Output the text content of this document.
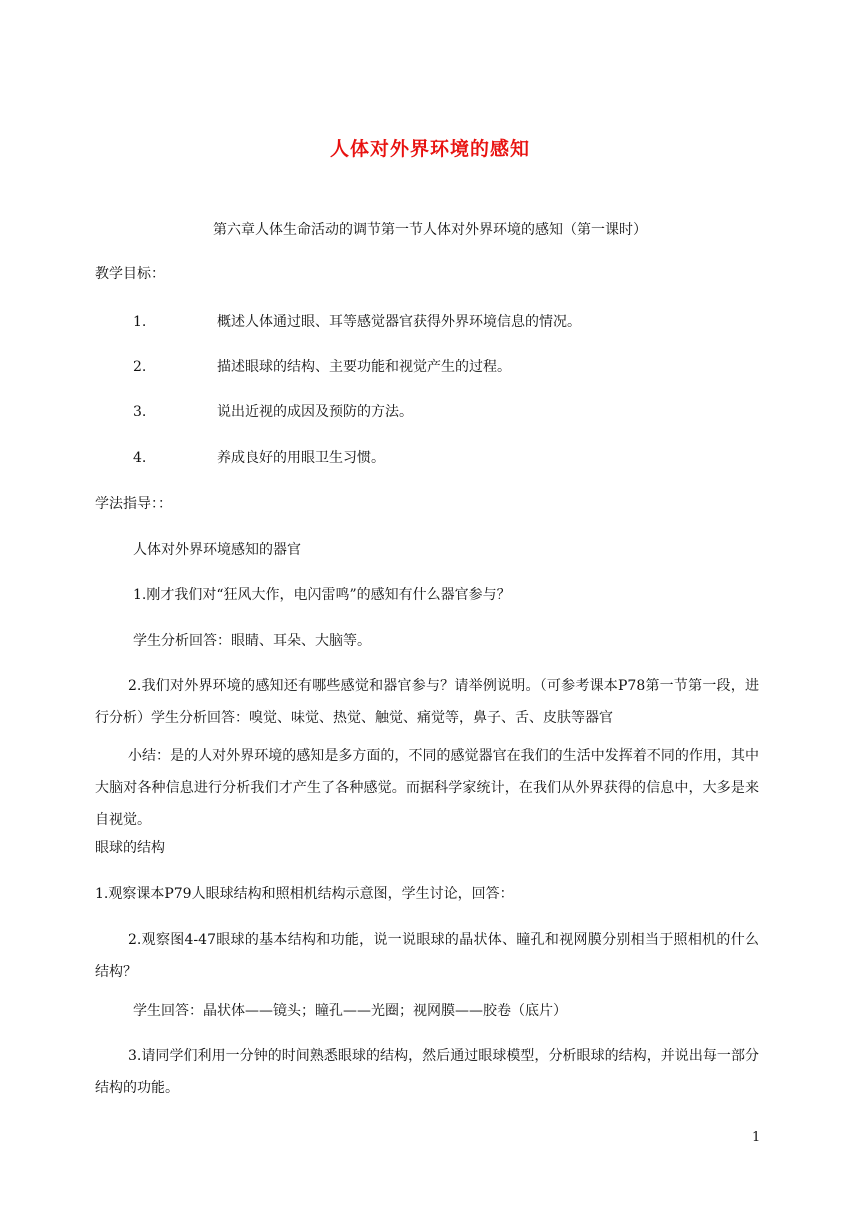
人体对外界环境的感知
第六章人体生命活动的调节第一节人体对外界环境的感知（第一课时）
教学目标：
1.	概述人体通过眼、耳等感觉器官获得外界环境信息的情况。
2.	描述眼球的结构、主要功能和视觉产生的过程。
3.	说出近视的成因及预防的方法。
4.	养成良好的用眼卫生习惯。
学法指导：：
人体对外界环境感知的器官
1.刚才我们对“狂风大作，电闪雷鸣”的感知有什么器官参与？
学生分析回答：眼睛、耳朵、大脑等。
2.我们对外界环境的感知还有哪些感觉和器官参与？请举例说明。（可参考课本P78第一节第一段，进行分析）学生分析回答：嗅觉、味觉、热觉、触觉、痛觉等，鼻子、舌、皮肤等器官
小结：是的人对外界环境的感知是多方面的，不同的感觉器官在我们的生活中发挥着不同的作用，其中大脑对各种信息进行分析我们才产生了各种感觉。而据科学家统计，在我们从外界获得的信息中，大多是来自视觉。
眼球的结构
1.观察课本P79人眼球结构和照相机结构示意图，学生讨论，回答：
2.观察图4-47眼球的基本结构和功能，说一说眼球的晶状体、瞳孔和视网膜分别相当于照相机的什么结构？
学生回答：晶状体——镜头；瞳孔——光圈；视网膜——胶卷（底片）
3.请同学们利用一分钟的时间熟悉眼球的结构，然后通过眼球模型，分析眼球的结构，并说出每一部分结构的功能。
1
